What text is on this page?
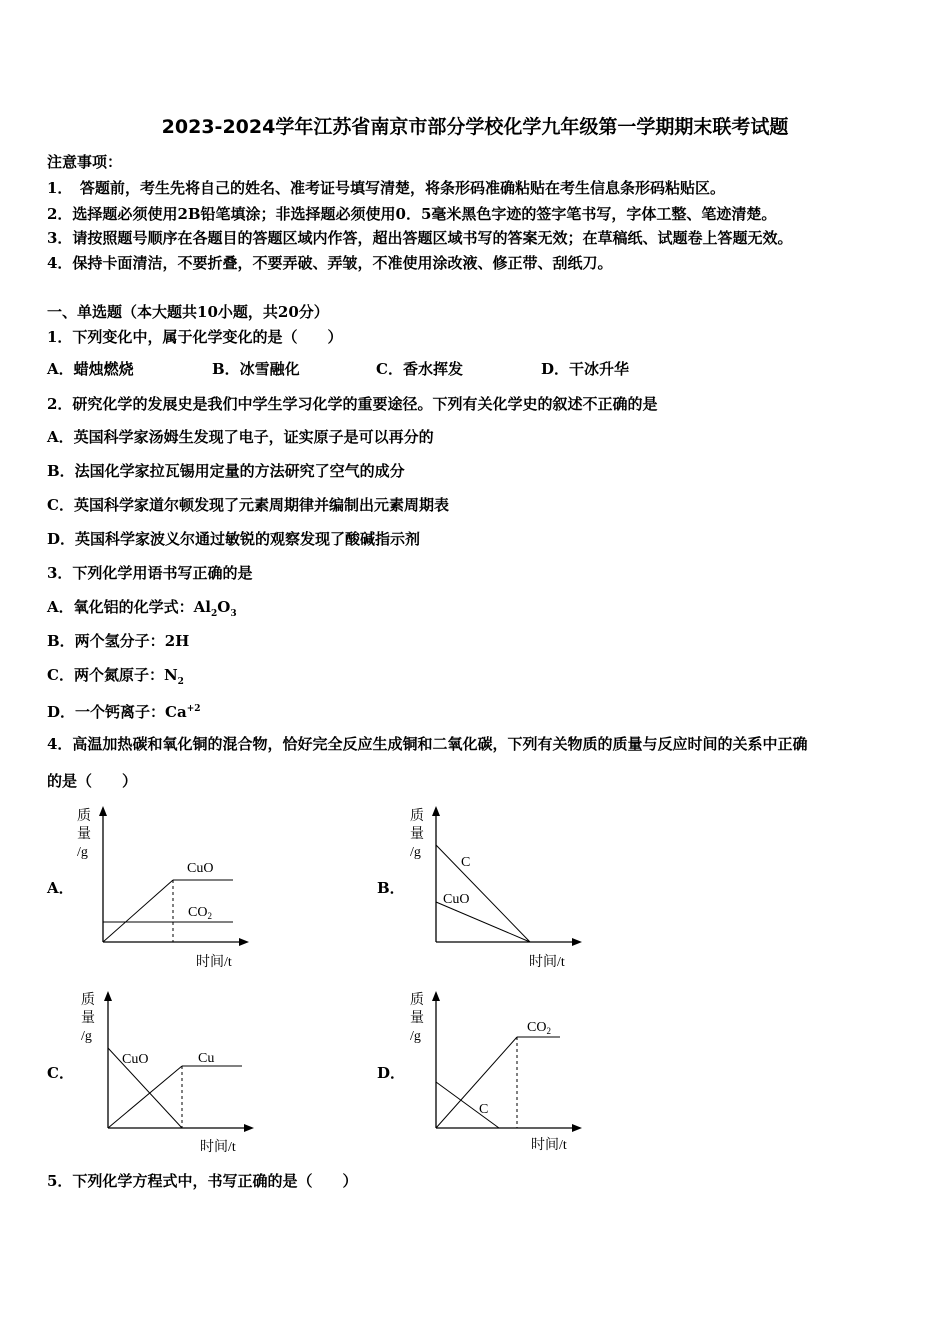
2023-2024学年江苏省南京市部分学校化学九年级第一学期期末联考试题
注意事项：
1．　答题前，考生先将自己的姓名、准考证号填写清楚，将条形码准确粘贴在考生信息条形码粘贴区。
2．选择题必须使用2B铅笔填涂；非选择题必须使用0．5毫米黑色字迹的签字笔书写，字体工整、笔迹清楚。
3．请按照题号顺序在各题目的答题区域内作答，超出答题区域书写的答案无效；在草稿纸、试题卷上答题无效。
4．保持卡面清洁，不要折叠，不要弄破、弄皱，不准使用涂改液、修正带、刮纸刀。
一、单选题（本大题共10小题，共20分）
1．下列变化中，属于化学变化的是（　　）
A．蜡烛燃烧	B．冰雪融化	C．香水挥发	D．干冰升华
2．研究化学的发展史是我们中学生学习化学的重要途径。下列有关化学史的叙述不正确的是
A．英国科学家汤姆生发现了电子，证实原子是可以再分的
B．法国化学家拉瓦锡用定量的方法研究了空气的成分
C．英国科学家道尔顿发现了元素周期律并编制出元素周期表
D．英国科学家波义尔通过敏锐的观察发现了酸碱指示剂
3．下列化学用语书写正确的是
A．氧化铝的化学式：$Al_2O_3$
B．两个氢分子：2H
C．两个氮原子：$N_2$
D．一个钙离子：$Ca^{+2}$
4．高温加热碳和氧化铜的混合物，恰好完全反应生成铜和二氧化碳，下列有关物质的质量与反应时间的关系中正确
的是（　　）
A．
质
量
/g
CuO
$CO_2$
时间/t
B．
质
量
/g
C
CuO
时间/t
C．
质
量
/g
CuO	Cu
时间/t
D．
质
量
/g
$CO_2$
C
时间/t
5．下列化学方程式中，书写正确的是（　　）
